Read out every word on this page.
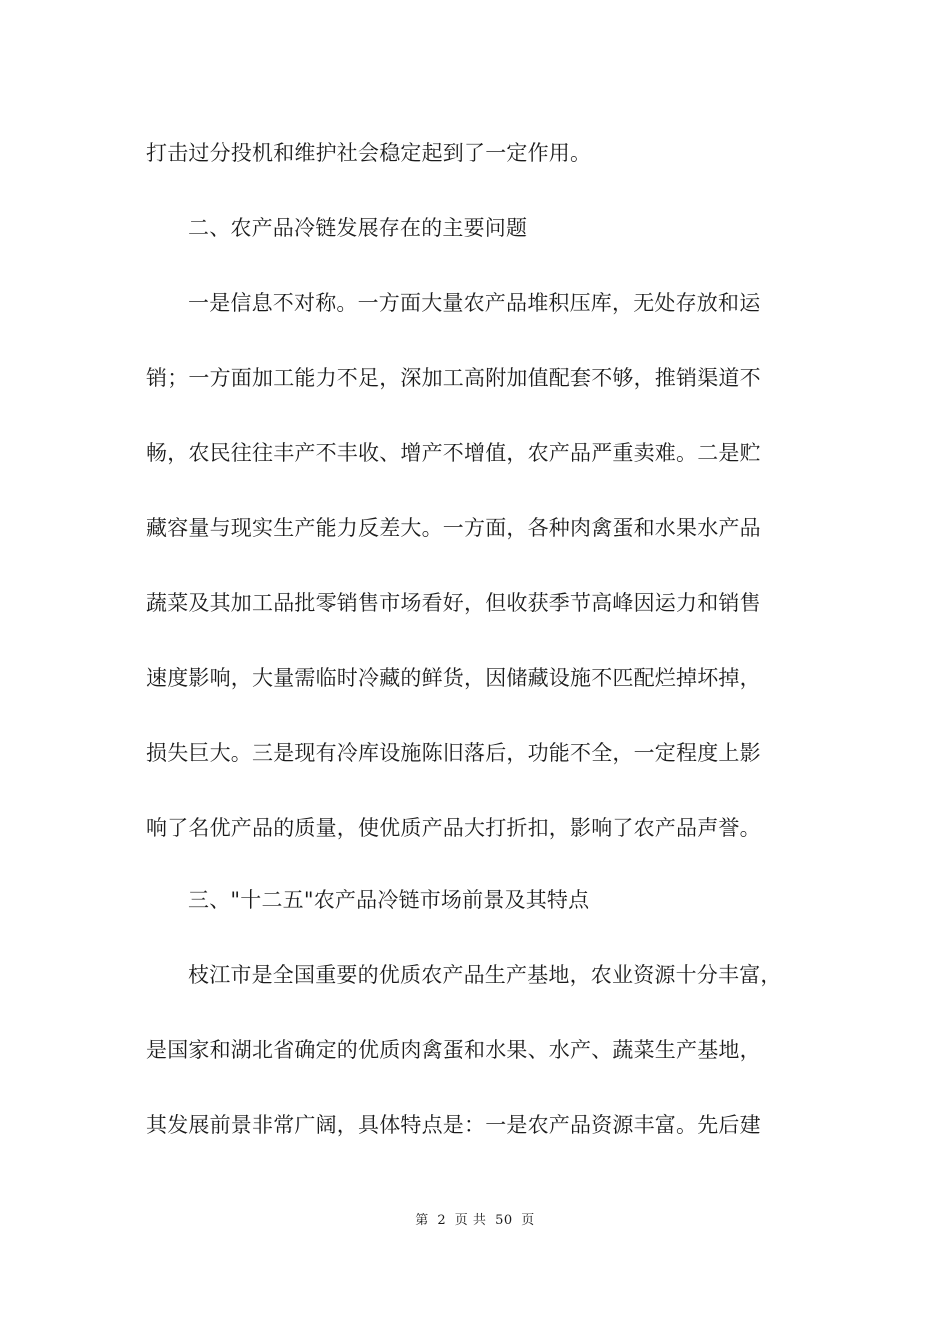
打击过分投机和维护社会稳定起到了一定作用。
二、农产品冷链发展存在的主要问题
一是信息不对称。一方面大量农产品堆积压库，无处存放和运
销；一方面加工能力不足，深加工高附加值配套不够，推销渠道不
畅，农民往往丰产不丰收、增产不增值，农产品严重卖难。二是贮
藏容量与现实生产能力反差大。一方面，各种肉禽蛋和水果水产品
蔬菜及其加工品批零销售市场看好，但收获季节高峰因运力和销售
速度影响，大量需临时冷藏的鲜货，因储藏设施不匹配烂掉坏掉，
损失巨大。三是现有冷库设施陈旧落后，功能不全，一定程度上影
响了名优产品的质量，使优质产品大打折扣，影响了农产品声誉。
三、"十二五"农产品冷链市场前景及其特点
枝江市是全国重要的优质农产品生产基地，农业资源十分丰富，
是国家和湖北省确定的优质肉禽蛋和水果、水产、蔬菜生产基地，
其发展前景非常广阔，具体特点是：一是农产品资源丰富。先后建
第 2 页 共 50 页
